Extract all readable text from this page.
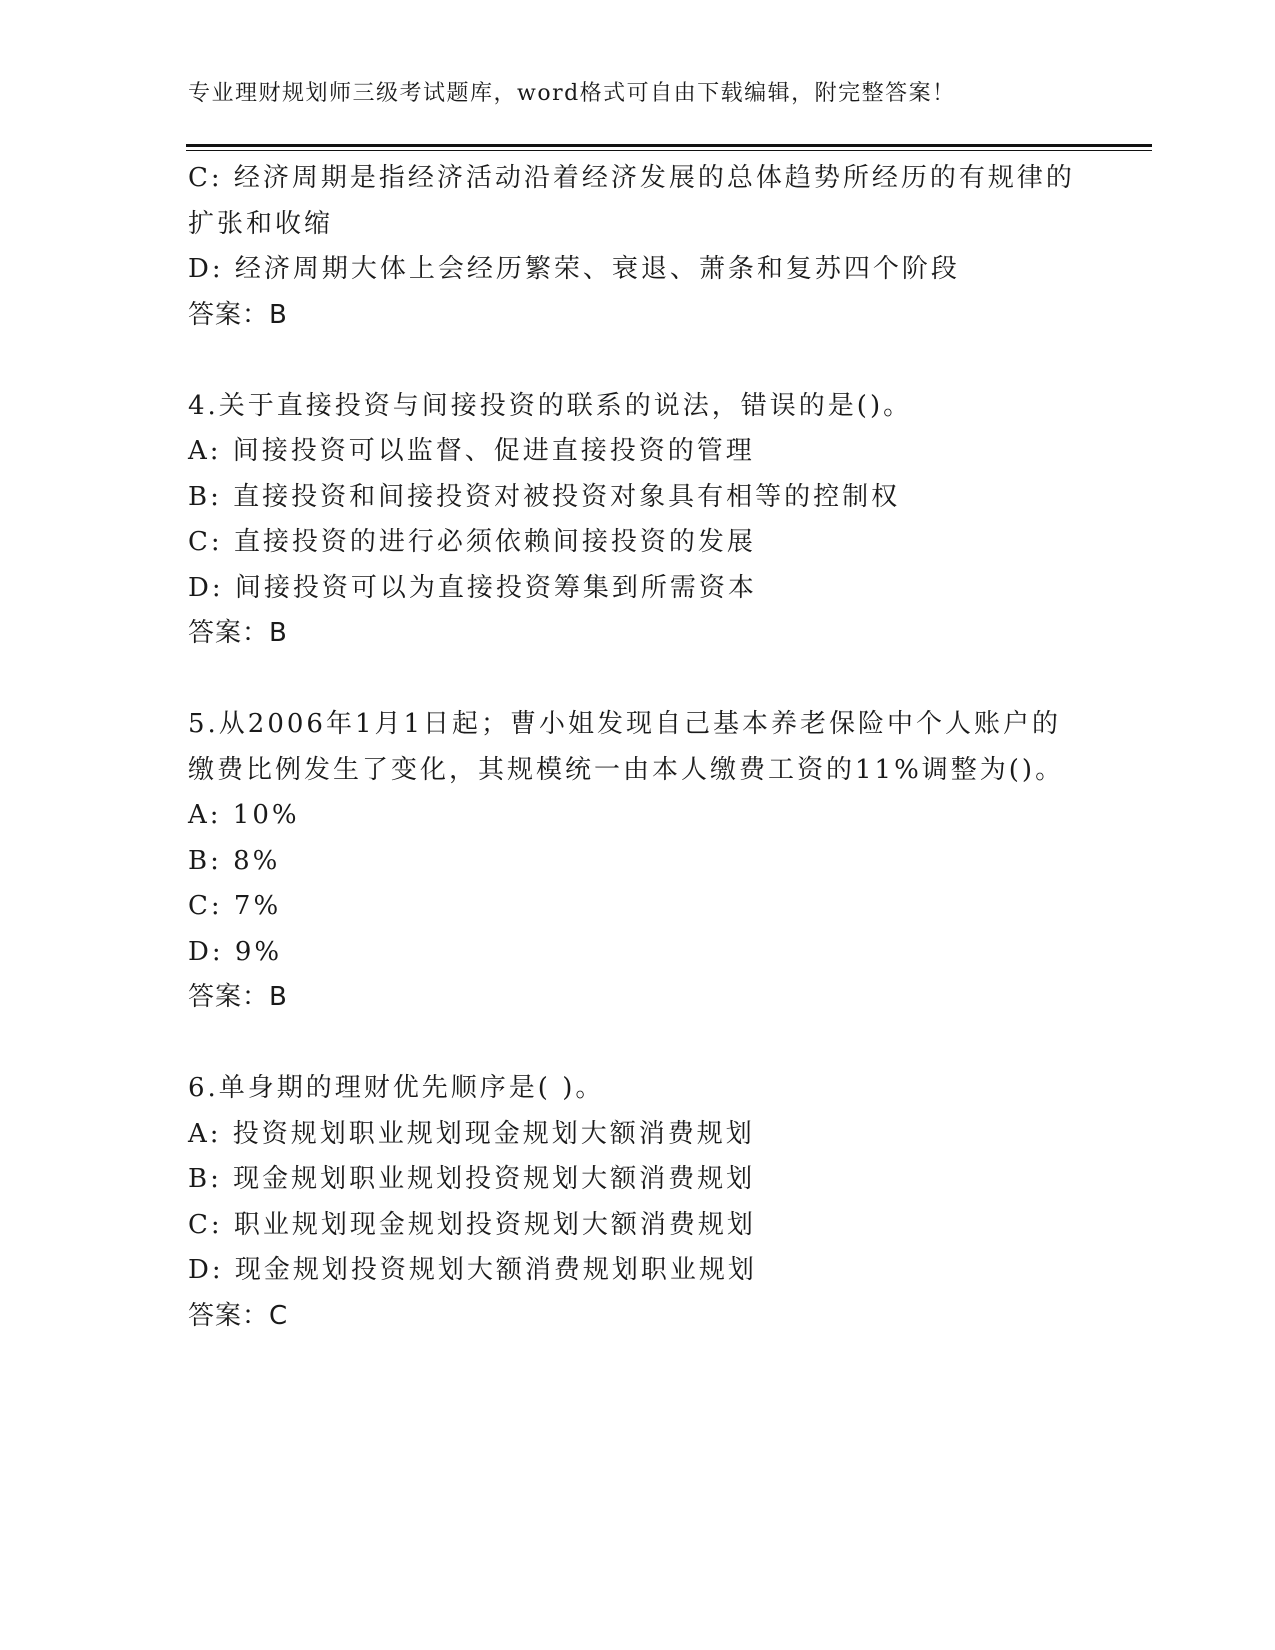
专业理财规划师三级考试题库，word格式可自由下载编辑，附完整答案！
C: 经济周期是指经济活动沿着经济发展的总体趋势所经历的有规律的
扩张和收缩
D: 经济周期大体上会经历繁荣、衰退、萧条和复苏四个阶段
答案：B
4.关于直接投资与间接投资的联系的说法，错误的是()。
A: 间接投资可以监督、促进直接投资的管理
B: 直接投资和间接投资对被投资对象具有相等的控制权
C: 直接投资的进行必须依赖间接投资的发展
D: 间接投资可以为直接投资筹集到所需资本
答案：B
5.从2006年1月1日起；曹小姐发现自己基本养老保险中个人账户的
缴费比例发生了变化，其规模统一由本人缴费工资的11%调整为()。
A: 10%
B: 8%
C: 7%
D: 9%
答案：B
6.单身期的理财优先顺序是( )。
A: 投资规划职业规划现金规划大额消费规划
B: 现金规划职业规划投资规划大额消费规划
C: 职业规划现金规划投资规划大额消费规划
D: 现金规划投资规划大额消费规划职业规划
答案：C
